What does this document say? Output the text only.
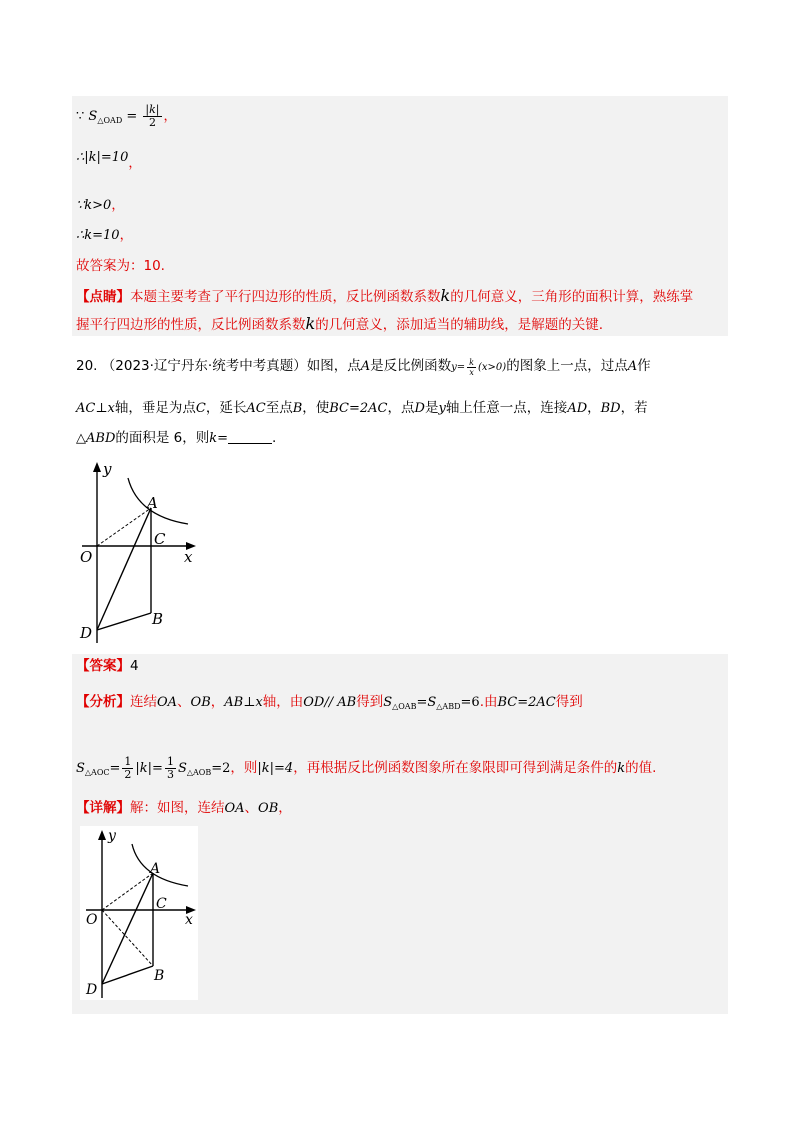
∵ $S_{\triangle OAD} = \frac{|k|}{2}$ ，
∴|k|=10，
∵k>0，
∴k=10，
故答案为：10.
【点睛】本题主要考查了平行四边形的性质，反比例函数系数k的几何意义，三角形的面积计算，熟练掌
握平行四边形的性质，反比例函数系数k的几何意义，添加适当的辅助线，是解题的关键.
20. （2023·辽宁丹东·统考中考真题）如图，点A是反比例函数$y= \frac{k}{x} (x>0)$的图象上一点，过点A作
AC⊥x轴，垂足为点C，延长AC至点B，使BC=2AC，点D是y轴上任意一点，连接AD，BD，若
△ABD的面积是 6，则k=	.
y
x
O
A
C
B
D
【答案】4
【分析】连结OA、OB，AB⊥x轴，由OD// AB得到$S_{\triangle OAB}=S_{\triangle ABD}=6$.由BC=2AC得到
$S_{\triangle AOC}= \frac{1}{2} |k|= \frac{1}{3} S_{\triangle AOB}=2$，则|k|=4，再根据反比例函数图象所在象限即可得到满足条件的k的值.
【详解】解：如图，连结OA、OB，
y
x
O
A
C
B
D
